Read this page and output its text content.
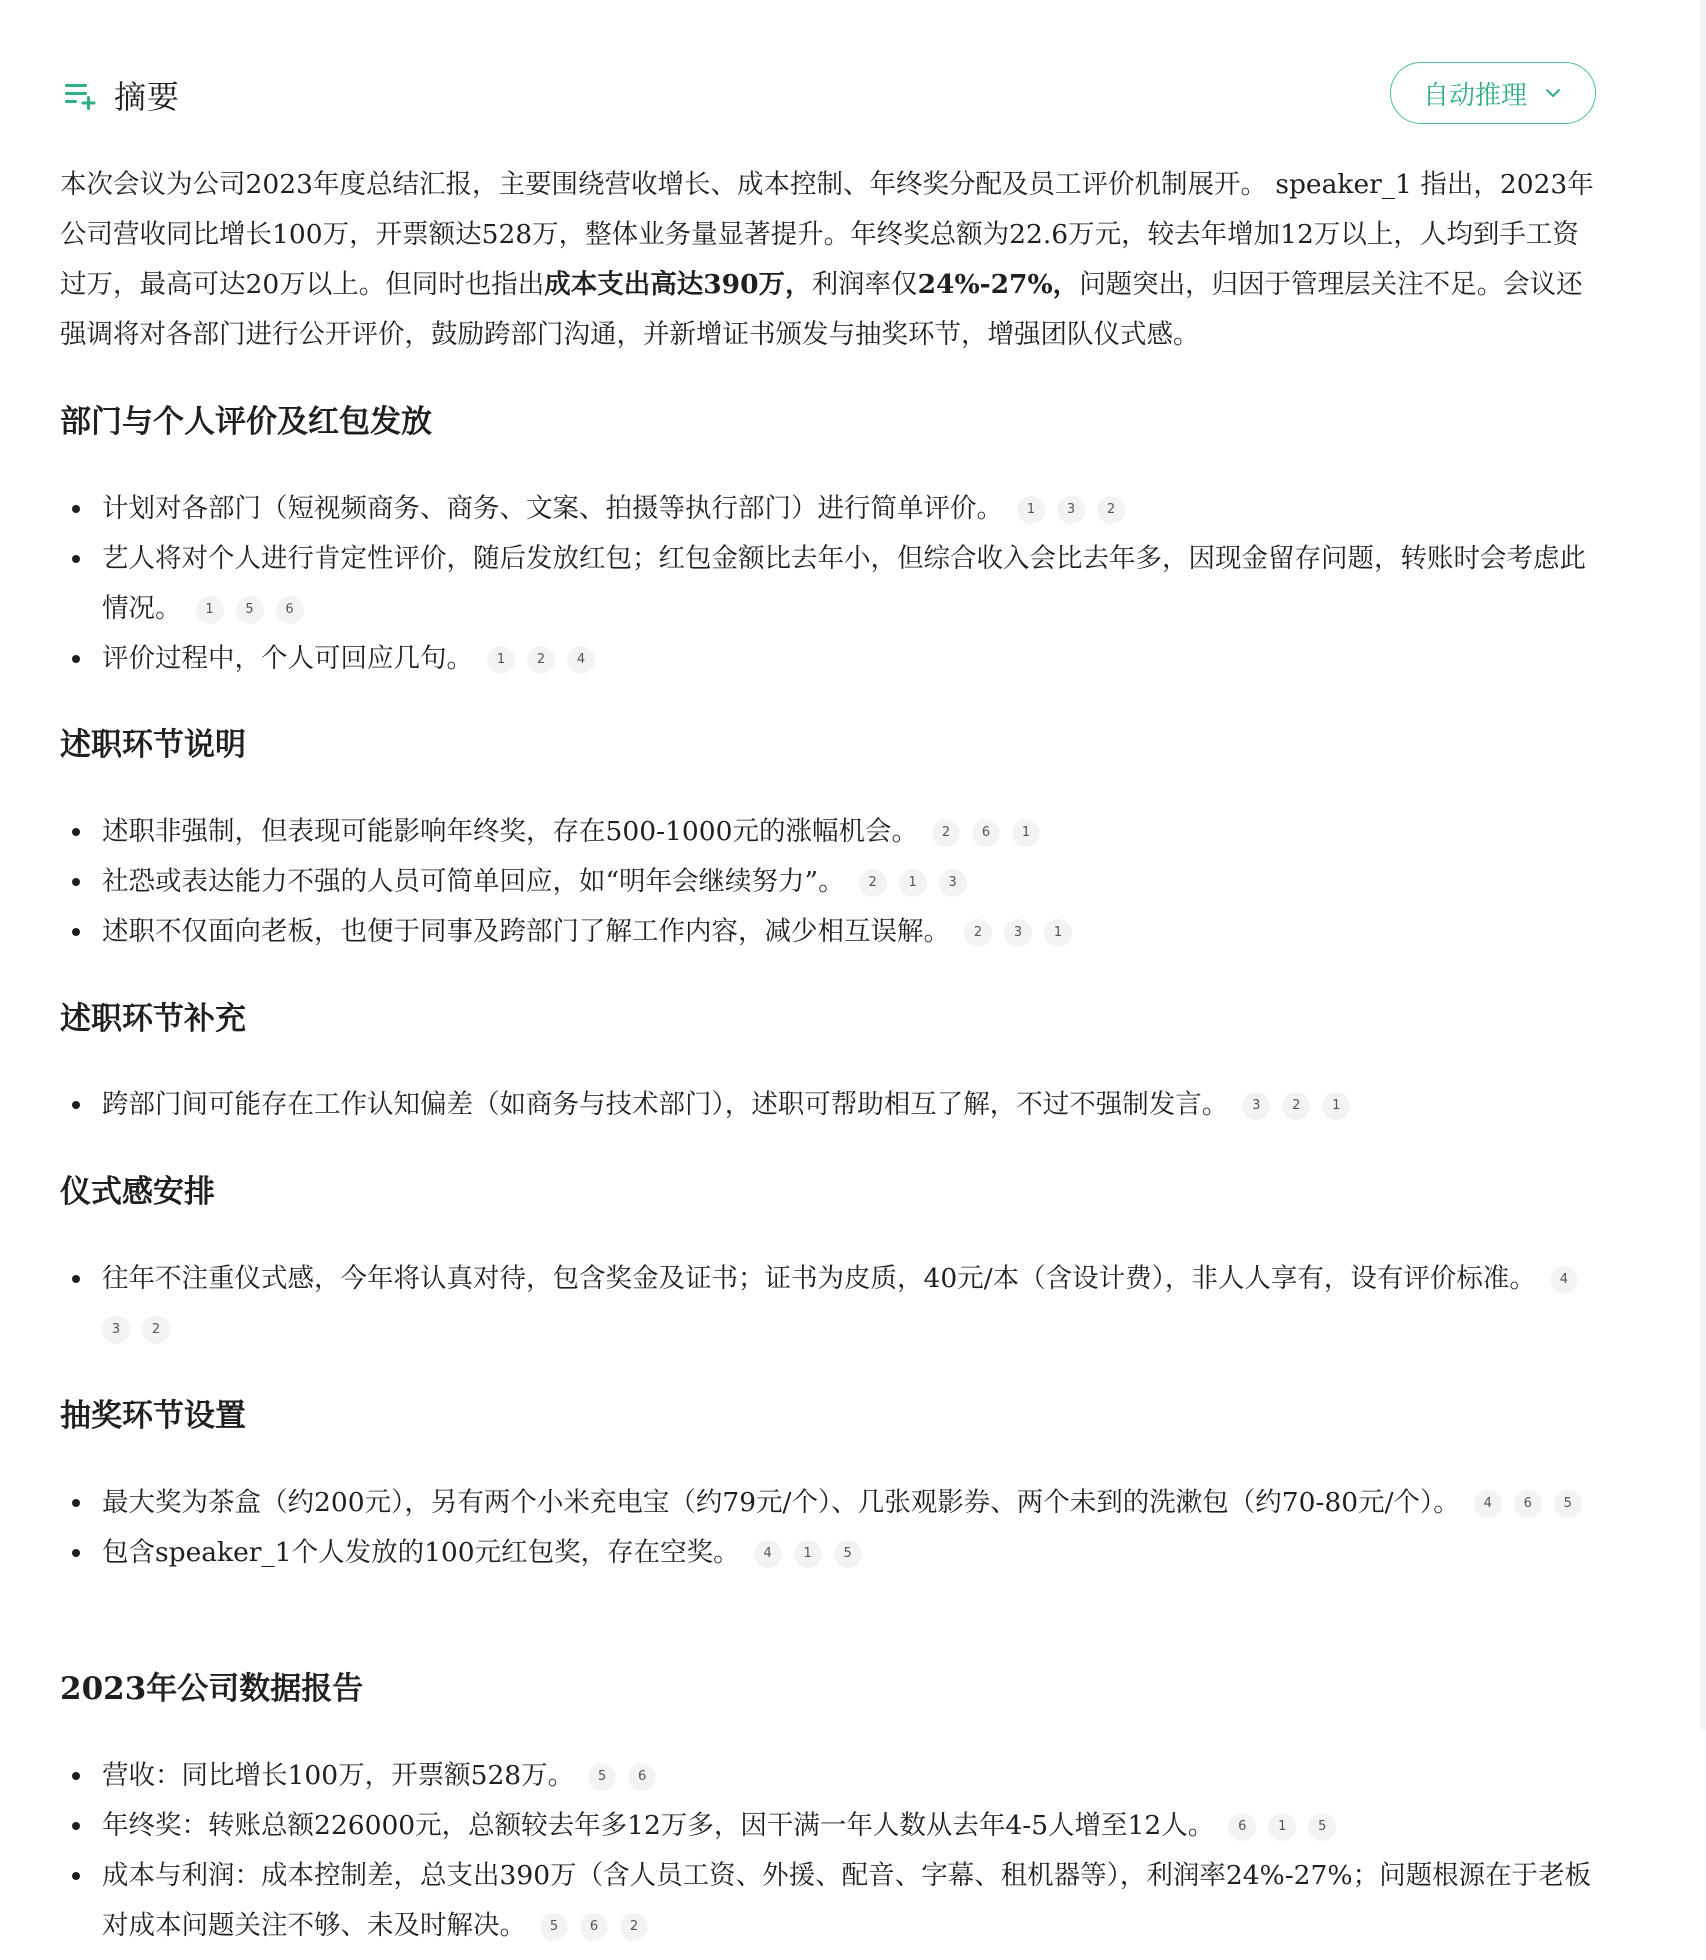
摘要	自动推理

本次会议为公司2023年度总结汇报，主要围绕营收增长、成本控制、年终奖分配及员工评价机制展开。 speaker_1 指出，2023年公司营收同比增长100万，开票额达528万，整体业务量显著提升。年终奖总额为22.6万元，较去年增加12万以上，人均到手工资过万，最高可达20万以上。但同时也指出成本支出高达390万，利润率仅24%-27%，问题突出，归因于管理层关注不足。会议还强调将对各部门进行公开评价，鼓励跨部门沟通，并新增证书颁发与抽奖环节，增强团队仪式感。

部门与个人评价及红包发放
计划对各部门（短视频商务、商务、文案、拍摄等执行部门）进行简单评价。 1 3 2
艺人将对个人进行肯定性评价，随后发放红包；红包金额比去年小，但综合收入会比去年多，因现金留存问题，转账时会考虑此情况。 1 5 6
评价过程中，个人可回应几句。 1 2 4
述职环节说明
述职非强制，但表现可能影响年终奖，存在500-1000元的涨幅机会。 2 6 1
社恐或表达能力不强的人员可简单回应，如“明年会继续努力”。 2 1 3
述职不仅面向老板，也便于同事及跨部门了解工作内容，减少相互误解。 2 3 1
述职环节补充
跨部门间可能存在工作认知偏差（如商务与技术部门），述职可帮助相互了解，不过不强制发言。 3 2 1
仪式感安排
往年不注重仪式感，今年将认真对待，包含奖金及证书；证书为皮质，40元/本（含设计费），非人人享有，设有评价标准。 43 2
抽奖环节设置
最大奖为茶盒（约200元），另有两个小米充电宝（约79元/个）、几张观影券、两个未到的洗漱包（约70-80元/个）。 4 6 5
包含speaker_1个人发放的100元红包奖，存在空奖。 4 1 5
2023年公司数据报告
营收：同比增长100万，开票额528万。 5 6
年终奖：转账总额226000元，总额较去年多12万多，因干满一年人数从去年4-5人增至12人。 6 1 5
成本与利润：成本控制差，总支出390万（含人员工资、外援、配音、字幕、租机器等），利润率24%-27%；问题根源在于老板对成本问题关注不够、未及时解决。 5 6 2
